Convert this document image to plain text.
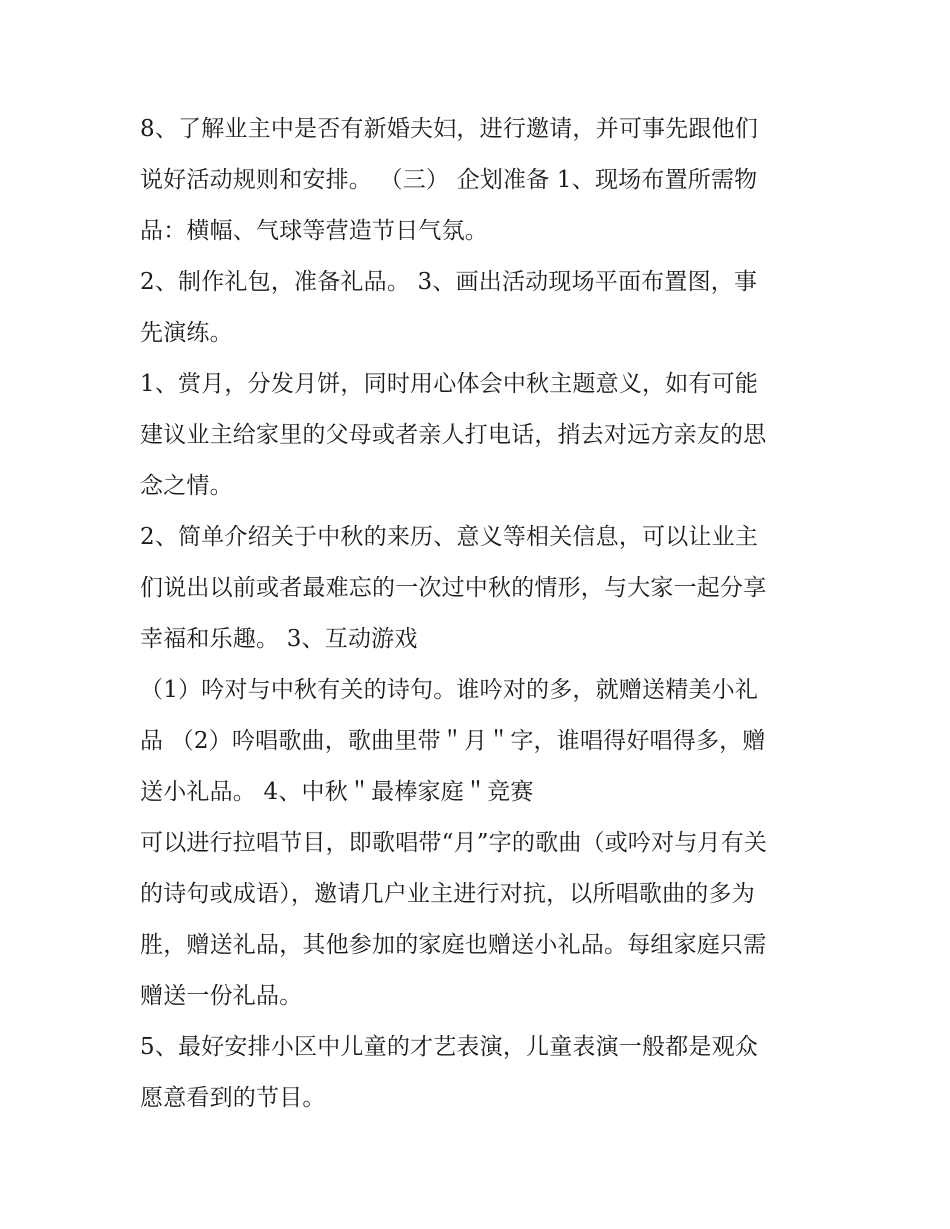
8、了解业主中是否有新婚夫妇，进行邀请，并可事先跟他们
说好活动规则和安排。 （三） 企划准备 1、现场布置所需物
品：横幅、气球等营造节日气氛。
2、制作礼包，准备礼品。 3、画出活动现场平面布置图，事
先演练。
1、赏月，分发月饼，同时用心体会中秋主题意义，如有可能
建议业主给家里的父母或者亲人打电话，捎去对远方亲友的思
念之情。
2、简单介绍关于中秋的来历、意义等相关信息，可以让业主
们说出以前或者最难忘的一次过中秋的情形，与大家一起分享
幸福和乐趣。 3、互动游戏
（1）吟对与中秋有关的诗句。谁吟对的多，就赠送精美小礼
品 （2）吟唱歌曲，歌曲里带＂月＂字，谁唱得好唱得多，赠
送小礼品。 4、中秋＂最棒家庭＂竞赛
可以进行拉唱节目，即歌唱带“月”字的歌曲（或吟对与月有关
的诗句或成语），邀请几户业主进行对抗，以所唱歌曲的多为
胜，赠送礼品，其他参加的家庭也赠送小礼品。每组家庭只需
赠送一份礼品。
5、最好安排小区中儿童的才艺表演，儿童表演一般都是观众
愿意看到的节目。
